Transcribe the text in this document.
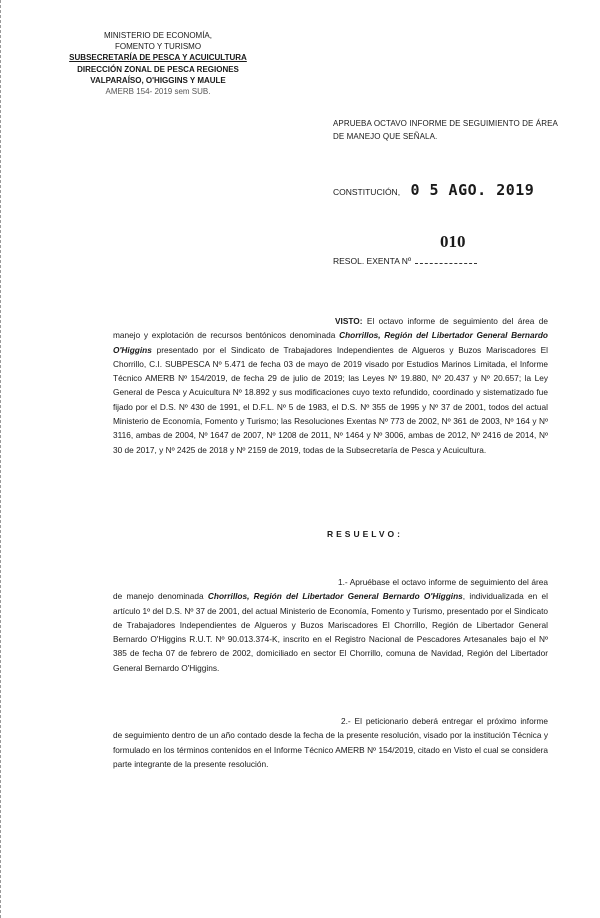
MINISTERIO DE ECONOMÍA,
FOMENTO Y TURISMO
SUBSECRETARÍA DE PESCA Y ACUICULTURA
DIRECCIÓN ZONAL DE PESCA REGIONES
VALPARAÍSO, O'HIGGINS Y MAULE
AMERB 154- 2019 sem SUB.
APRUEBA OCTAVO INFORME DE SEGUIMIENTO DE ÁREA DE MANEJO QUE SEÑALA.
CONSTITUCIÓN, 0 5 AGO. 2019
010
RESOL. EXENTA Nº
VISTO: El octavo informe de seguimiento del área de manejo y explotación de recursos bentónicos denominada Chorrillos, Región del Libertador General Bernardo O'Higgins presentado por el Sindicato de Trabajadores Independientes de Algueros y Buzos Mariscadores El Chorrillo, C.I. SUBPESCA Nº 5.471 de fecha 03 de mayo de 2019 visado por Estudios Marinos Limitada, el Informe Técnico AMERB Nº 154/2019, de fecha 29 de julio de 2019; las Leyes Nº 19.880, Nº 20.437 y Nº 20.657; la Ley General de Pesca y Acuicultura Nº 18.892 y sus modificaciones cuyo texto refundido, coordinado y sistematizado fue fijado por el D.S. Nº 430 de 1991, el D.F.L. Nº 5 de 1983, el D.S. Nº 355 de 1995 y Nº 37 de 2001, todos del actual Ministerio de Economía, Fomento y Turismo; las Resoluciones Exentas Nº 773 de 2002, Nº 361 de 2003, Nº 164 y Nº 3116, ambas de 2004, Nº 1647 de 2007, Nº 1208 de 2011, Nº 1464 y Nº 3006, ambas de 2012, Nº 2416 de 2014, Nº 30 de 2017, y Nº 2425 de 2018 y Nº 2159 de 2019, todas de la Subsecretaría de Pesca y Acuicultura.
RESUELVO:
1.- Apruébase el octavo informe de seguimiento del área de manejo denominada Chorrillos, Región del Libertador General Bernardo O'Higgins, individualizada en el artículo 1º del D.S. Nº 37 de 2001, del actual Ministerio de Economía, Fomento y Turismo, presentado por el Sindicato de Trabajadores Independientes de Algueros y Buzos Mariscadores El Chorrillo, Región de Libertador General Bernardo O'Higgins R.U.T. Nº 90.013.374-K, inscrito en el Registro Nacional de Pescadores Artesanales bajo el Nº 385 de fecha 07 de febrero de 2002, domiciliado en sector El Chorrillo, comuna de Navidad, Región del Libertador General Bernardo O'Higgins.
2.- El peticionario deberá entregar el próximo informe de seguimiento dentro de un año contado desde la fecha de la presente resolución, visado por la institución Técnica y formulado en los términos contenidos en el Informe Técnico AMERB Nº 154/2019, citado en Visto el cual se considera parte integrante de la presente resolución.
